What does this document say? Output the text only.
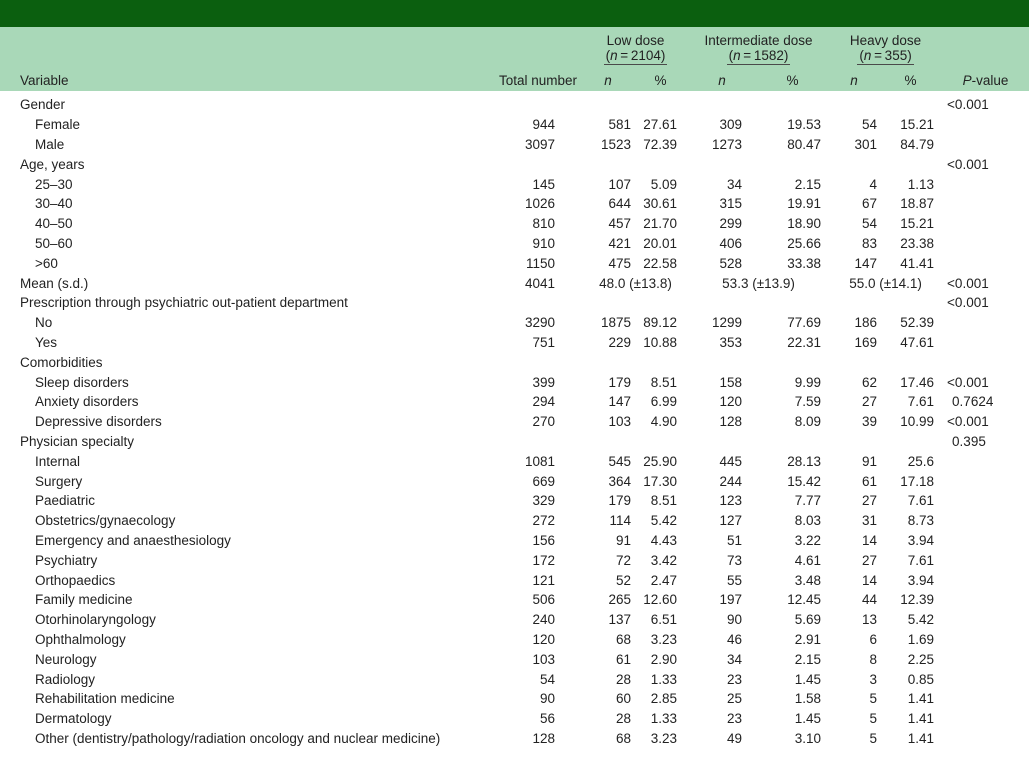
		Low dose		Intermediate dose		Heavy dose		
		(n = 2104)		(n = 1582)		(n = 355)		
Variable	Total number	n	%	n	%	n	%	P-value
Gender								<0.001
Female	944	581	27.61	309	19.53	54	15.21	
Male	3097	1523	72.39	1273	80.47	301	84.79	
Age, years								<0.001
25–30	145	107	5.09	34	2.15	4	1.13	
30–40	1026	644	30.61	315	19.91	67	18.87	
40–50	810	457	21.70	299	18.90	54	15.21	
50–60	910	421	20.01	406	25.66	83	23.38	
>60	1150	475	22.58	528	33.38	147	41.41	
Mean (s.d.)	4041	48.0 (±13.8)		53.3 (±13.9)		55.0 (±14.1)		<0.001
Prescription through psychiatric out-patient department								<0.001
No	3290	1875	89.12	1299	77.69	186	52.39	
Yes	751	229	10.88	353	22.31	169	47.61	
Comorbidities								
Sleep disorders	399	179	8.51	158	9.99	62	17.46	<0.001
Anxiety disorders	294	147	6.99	120	7.59	27	7.61	0.7624
Depressive disorders	270	103	4.90	128	8.09	39	10.99	<0.001
Physician specialty								0.395
Internal	1081	545	25.90	445	28.13	91	25.6	
Surgery	669	364	17.30	244	15.42	61	17.18	
Paediatric	329	179	8.51	123	7.77	27	7.61	
Obstetrics/gynaecology	272	114	5.42	127	8.03	31	8.73	
Emergency and anaesthesiology	156	91	4.43	51	3.22	14	3.94	
Psychiatry	172	72	3.42	73	4.61	27	7.61	
Orthopaedics	121	52	2.47	55	3.48	14	3.94	
Family medicine	506	265	12.60	197	12.45	44	12.39	
Otorhinolaryngology	240	137	6.51	90	5.69	13	5.42	
Ophthalmology	120	68	3.23	46	2.91	6	1.69	
Neurology	103	61	2.90	34	2.15	8	2.25	
Radiology	54	28	1.33	23	1.45	3	0.85	
Rehabilitation medicine	90	60	2.85	25	1.58	5	1.41	
Dermatology	56	28	1.33	23	1.45	5	1.41	
Other (dentistry/pathology/radiation oncology and nuclear medicine)	128	68	3.23	49	3.10	5	1.41	
